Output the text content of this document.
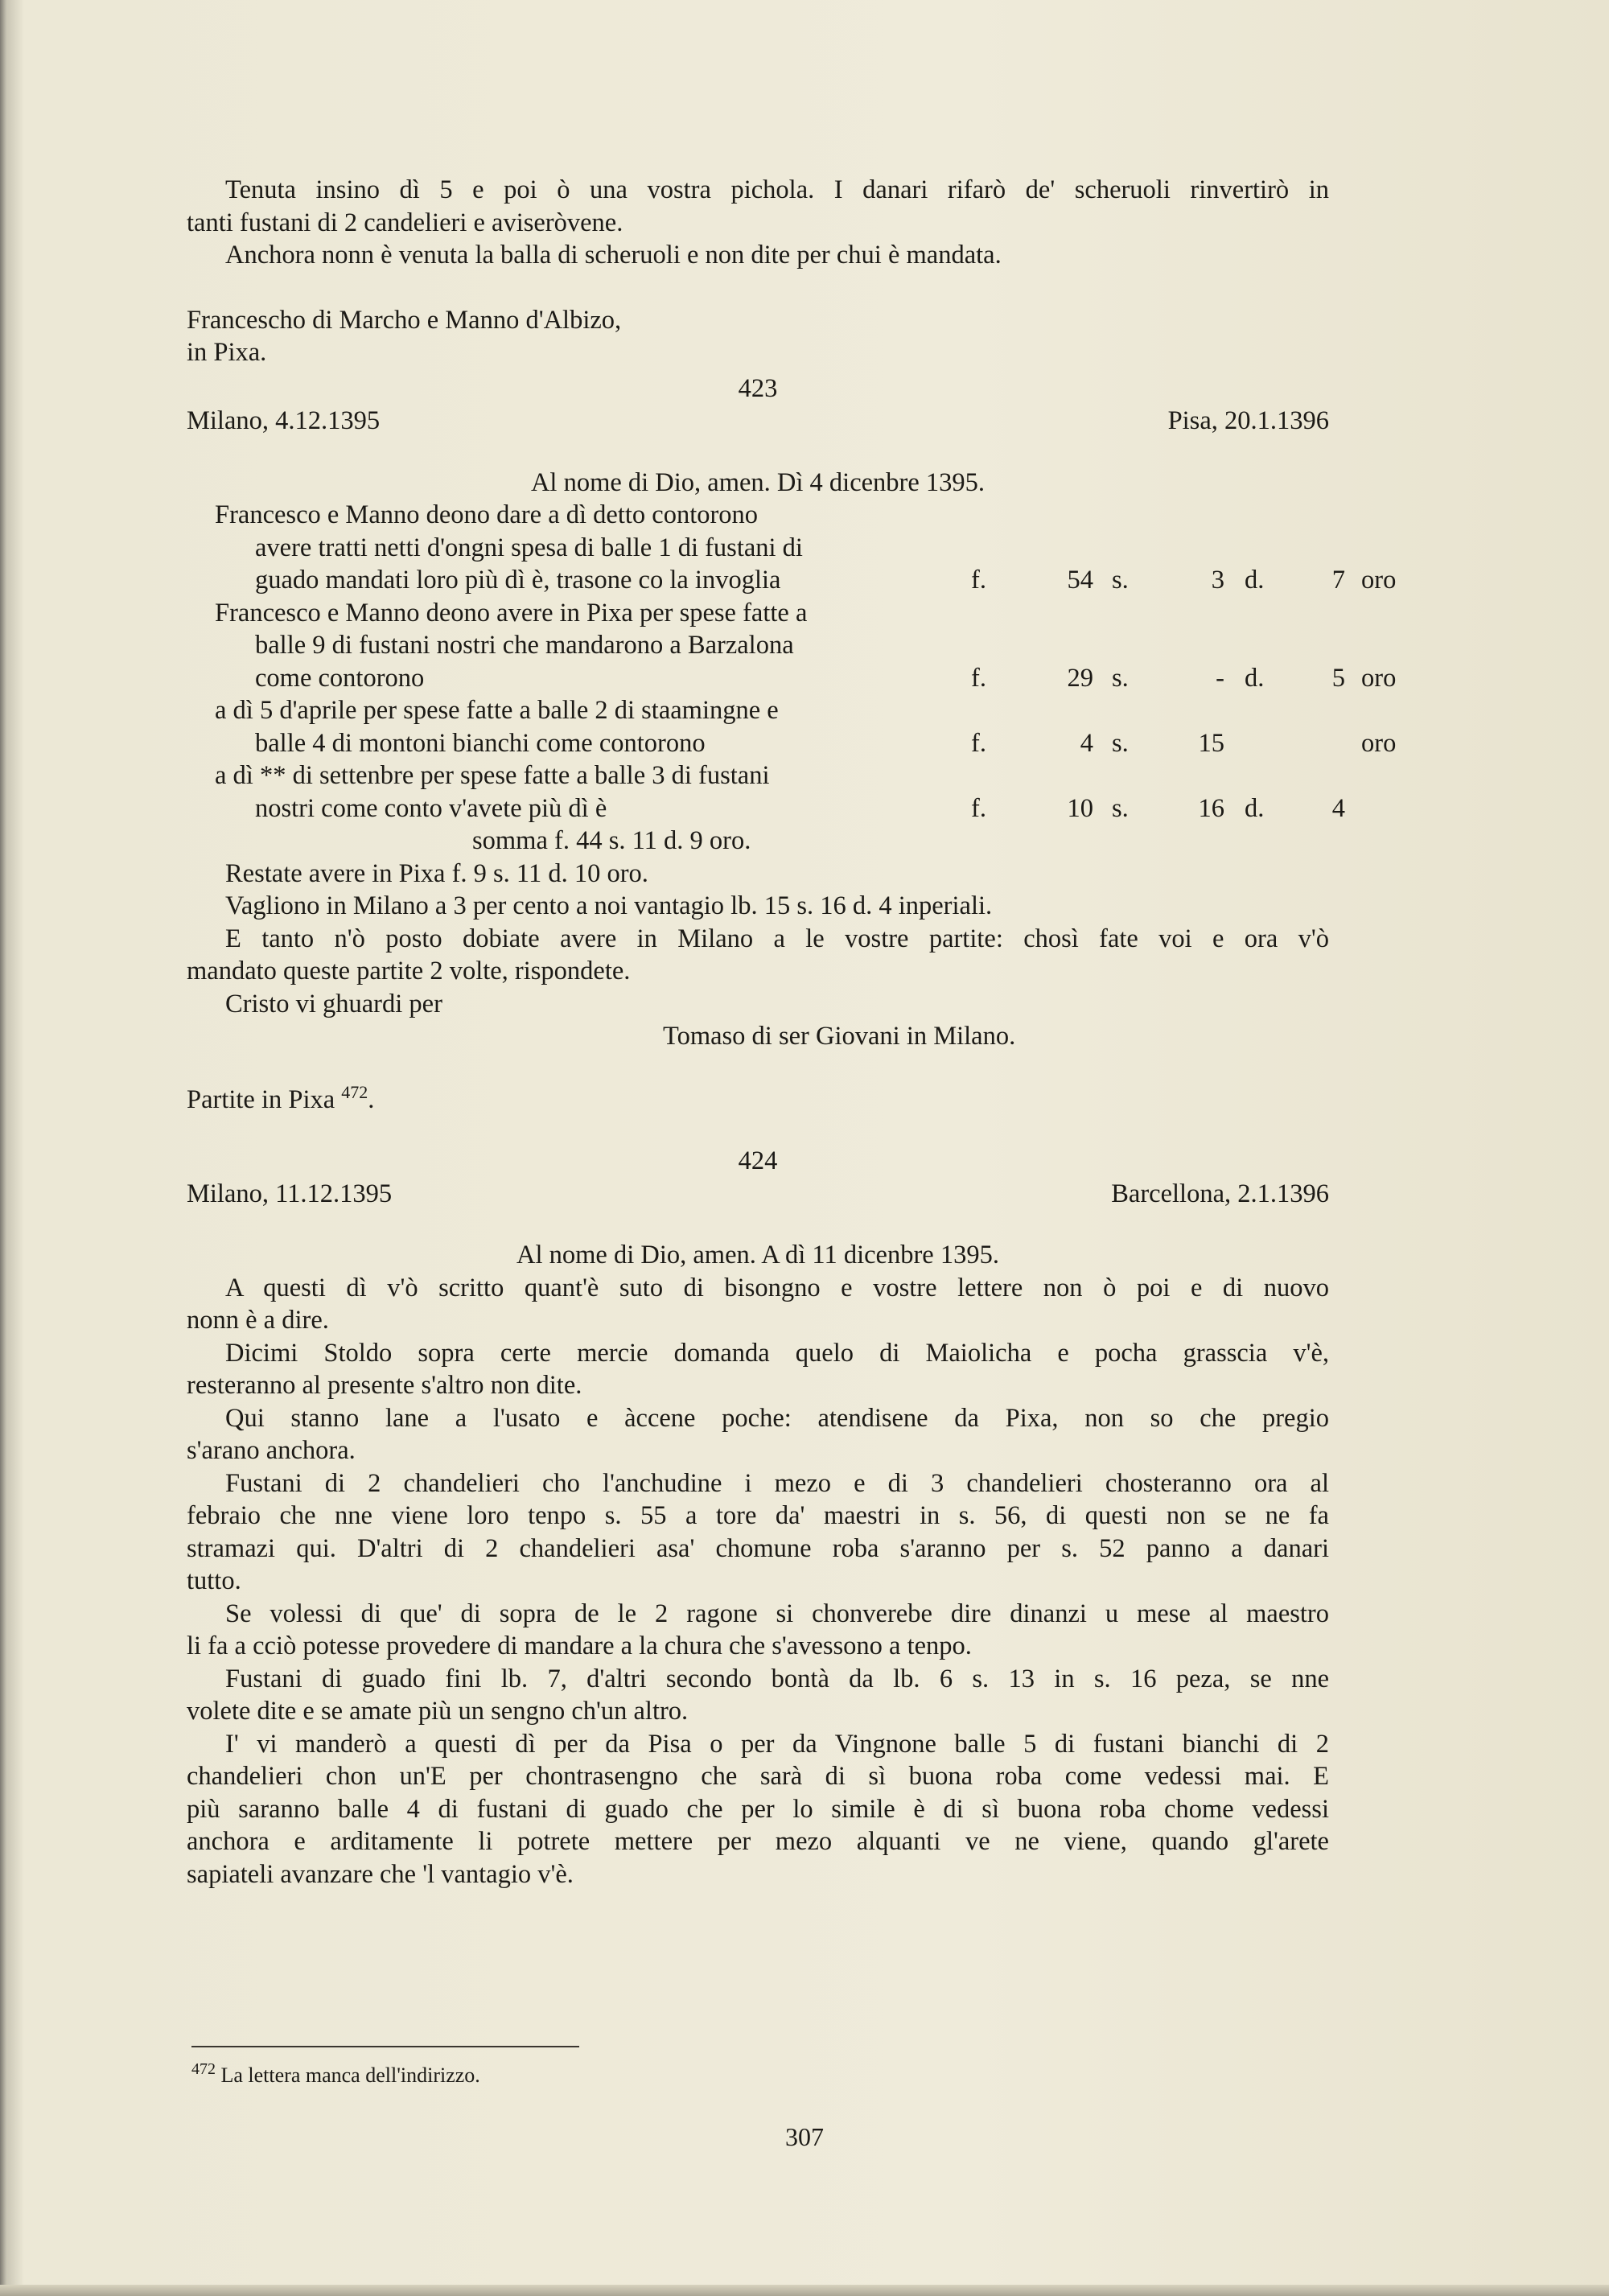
Tenuta insino dì 5 e poi ò una vostra pichola. I danari rifarò de' scheruoli rinvertirò in
tanti fustani di 2 candelieri e aviseròvene.
Anchora nonn è venuta la balla di scheruoli e non dite per chui è mandata.
Francescho di Marcho e Manno d'Albizo,
in Pixa.
423
Milano, 4.12.1395	Pisa, 20.1.1396
Al nome di Dio, amen. Dì 4 dicenbre 1395.
Francesco e Manno deono dare a dì detto contorono
avere tratti netti d'ongni spesa di balle 1 di fustani di
guado mandati loro più dì è, trasone co la invoglia	f.	54 s.	3 d.	7 oro
Francesco e Manno deono avere in Pixa per spese fatte a
balle 9 di fustani nostri che mandarono a Barzalona
come contorono	f.	29 s.	- d.	5 oro
a dì 5 d'aprile per spese fatte a balle 2 di staamingne e
balle 4 di montoni bianchi come contorono	f.	4 s.	15	oro
a dì ** di settenbre per spese fatte a balle 3 di fustani
nostri come conto v'avete più dì è	f.	10 s.	16 d.	4
somma f. 44 s. 11 d. 9 oro.
Restate avere in Pixa f. 9 s. 11 d. 10 oro.
Vagliono in Milano a 3 per cento a noi vantagio lb. 15 s. 16 d. 4 inperiali.
E tanto n'ò posto dobiate avere in Milano a le vostre partite: chosì fate voi e ora v'ò
mandato queste partite 2 volte, rispondete.
Cristo vi ghuardi per
Tomaso di ser Giovani in Milano.
Partite in Pixa $^{472}$.
424
Milano, 11.12.1395	Barcellona, 2.1.1396
Al nome di Dio, amen. A dì 11 dicenbre 1395.
A questi dì v'ò scritto quant'è suto di bisongno e vostre lettere non ò poi e di nuovo
nonn è a dire.
Dicimi Stoldo sopra certe mercie domanda quelo di Maiolicha e pocha grasscia v'è,
resteranno al presente s'altro non dite.
Qui stanno lane a l'usato e àccene poche: atendisene da Pixa, non so che pregio
s'arano anchora.
Fustani di 2 chandelieri cho l'anchudine i mezo e di 3 chandelieri chosteranno ora al
febraio che nne viene loro tenpo s. 55 a tore da' maestri in s. 56, di questi non se ne fa
stramazi qui. D'altri di 2 chandelieri asa' chomune roba s'aranno per s. 52 panno a danari
tutto.
Se volessi di que' di sopra de le 2 ragone si chonverebe dire dinanzi u mese al maestro
li fa a cciò potesse provedere di mandare a la chura che s'avessono a tenpo.
Fustani di guado fini lb. 7, d'altri secondo bontà da lb. 6 s. 13 in s. 16 peza, se nne
volete dite e se amate più un sengno ch'un altro.
I' vi manderò a questi dì per da Pisa o per da Vingnone balle 5 di fustani bianchi di 2
chandelieri chon un'E per chontrasengno che sarà di sì buona roba come vedessi mai. E
più saranno balle 4 di fustani di guado che per lo simile è di sì buona roba chome vedessi
anchora e arditamente li potrete mettere per mezo alquanti ve ne viene, quando gl'arete
sapiateli avanzare che 'l vantagio v'è.
$^{472}$ La lettera manca dell'indirizzo.
307
